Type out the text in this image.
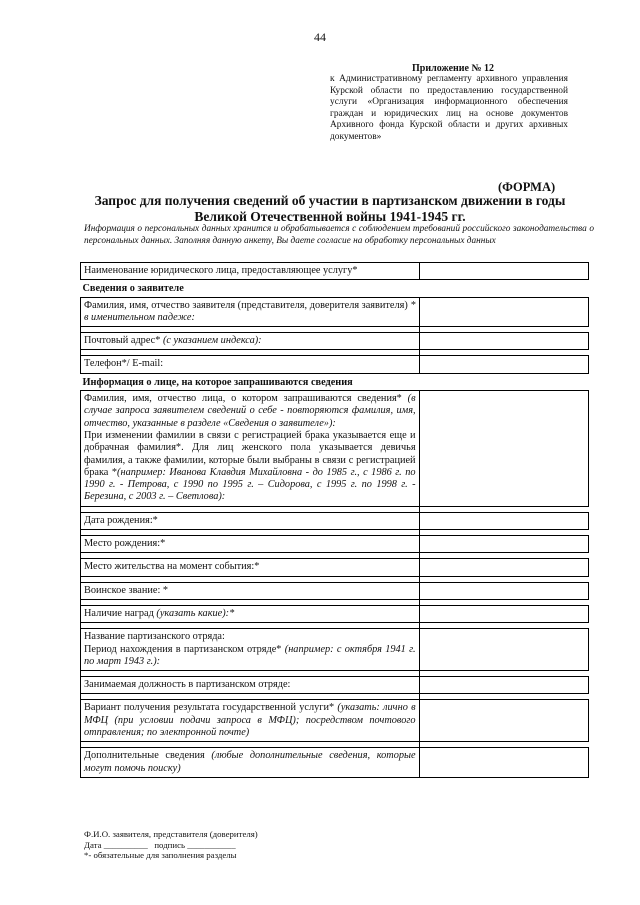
44
Приложение № 12
к Административному регламенту архивного управления Курской области по предоставлению государственной услуги «Организация информационного обеспечения граждан и юридических лиц на основе документов Архивного фонда Курской области и других архивных документов»
(ФОРМА)
Запрос для получения сведений об участии в партизанском движении в годы
Великой Отечественной войны 1941-1945 гг.
Информация о персональных данных хранится и обрабатывается с соблюдением требований российского законодательства о персональных данных. Заполняя данную анкету, Вы даете согласие на обработку персональных данных
Наименование юридического лица, предоставляющее услугу*	
Сведения о заявителе	
Фамилия, имя, отчество заявителя (представителя, доверителя заявителя) * в именительном падеже:	

Почтовый адрес* (с указанием индекса):	

Телефон*/ E-mail:	
Информация о лице, на которое запрашиваются сведения	
Фамилия, имя, отчество лица, о котором запрашиваются сведения* (в случае запроса заявителем сведений о себе - повторяются фамилия, имя, отчество, указанные в разделе «Сведения о заявителе»):
При изменении фамилии в связи с регистрацией брака указывается еще и добрачная фамилия*. Для лиц женского пола указывается девичья фамилия, а также фамилии, которые были выбраны в связи с регистрацией брака *(например: Иванова Клавдия Михайловна - до 1985 г., с 1986 г. по 1990 г. - Петрова, с 1990 по 1995 г. – Сидорова, с 1995 г. по 1998 г. - Березина, с 2003 г. – Светлова):	

Дата рождения:*	

Место рождения:*	

Место жительства на момент события:*	

Воинское звание: *	

Наличие наград (указать какие):*	

Название партизанского отряда:
Период нахождения в партизанском отряде* (например: с октября 1941 г. по март 1943 г.):	

Занимаемая должность в партизанском отряде:	

Вариант получения результата государственной услуги* (указать: лично в МФЦ (при условии подачи запроса в МФЦ); посредством почтового отправления; по электронной почте)	

Дополнительные сведения (любые дополнительные сведения, которые могут помочь поиску)	
Ф.И.О. заявителя, представителя (доверителя)
Дата __________ подпись ___________
*- обязательные для заполнения разделы
